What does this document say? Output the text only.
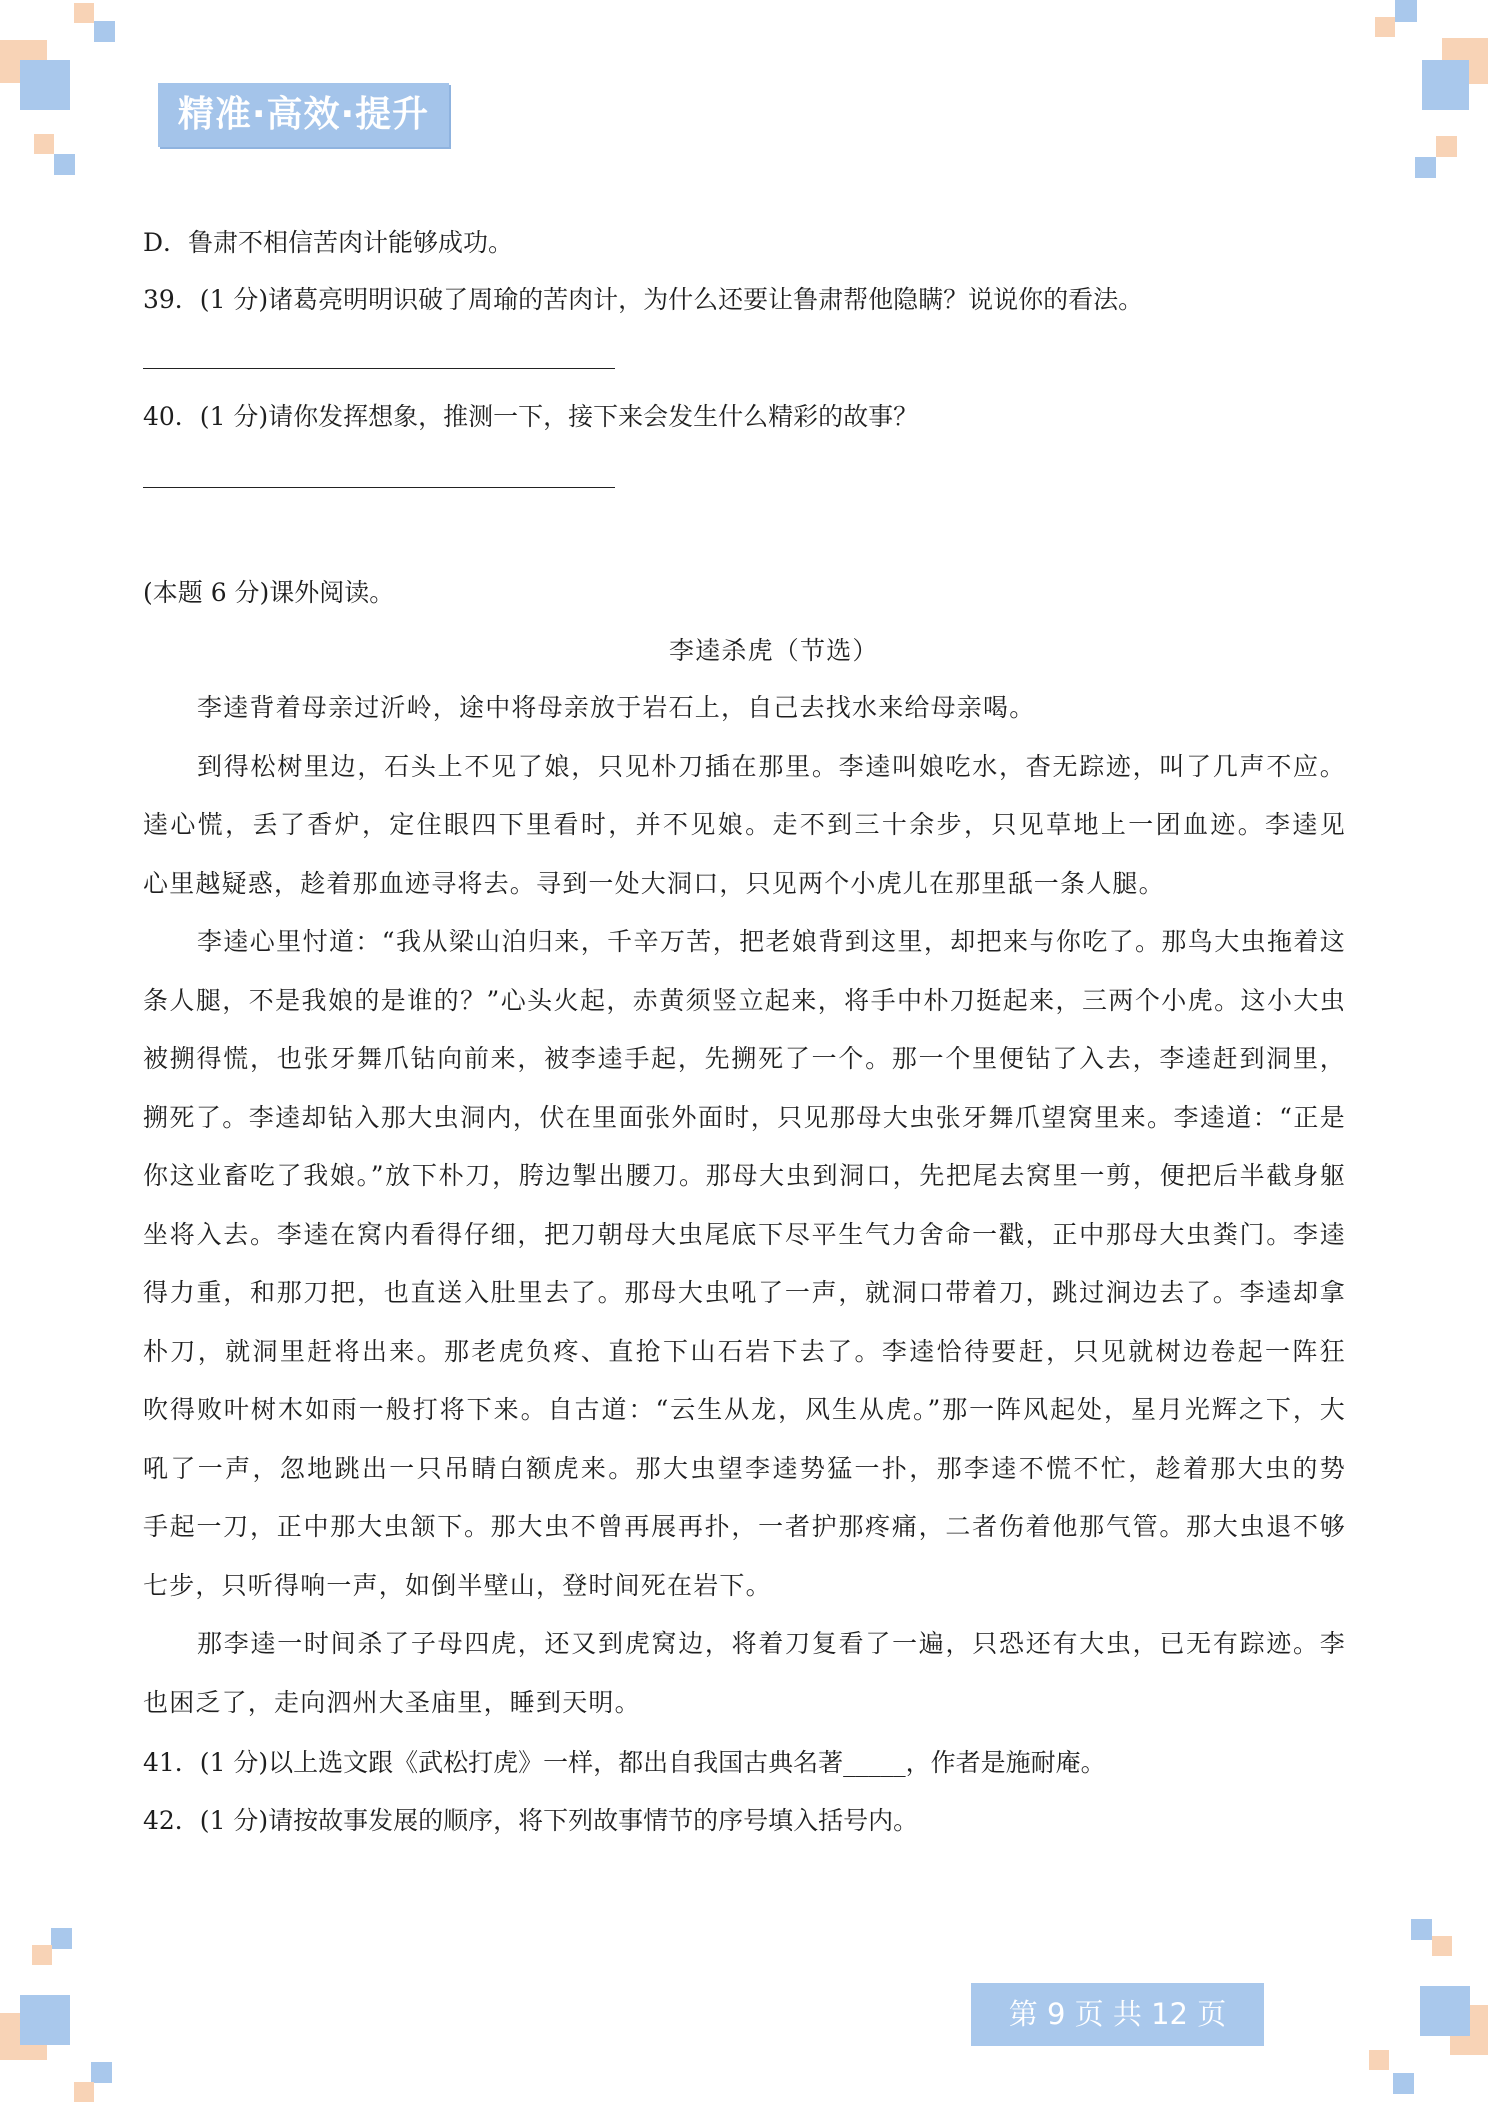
精准·高效·提升
D．鲁肃不相信苦肉计能够成功。
39．(1 分)诸葛亮明明识破了周瑜的苦肉计，为什么还要让鲁肃帮他隐瞒？说说你的看法。
40．(1 分)请你发挥想象，推测一下，接下来会发生什么精彩的故事？
(本题 6 分)课外阅读。
李逵杀虎（节选）
李逵背着母亲过沂岭，途中将母亲放于岩石上，自己去找水来给母亲喝。
到得松树里边，石头上不见了娘，只见朴刀插在那里。李逵叫娘吃水，杳无踪迹，叫了几声不应。
逵心慌，丢了香炉，定住眼四下里看时，并不见娘。走不到三十余步，只见草地上一团血迹。李逵见
心里越疑惑，趁着那血迹寻将去。寻到一处大洞口，只见两个小虎儿在那里舐一条人腿。
李逵心里忖道：“我从梁山泊归来，千辛万苦，把老娘背到这里，却把来与你吃了。那鸟大虫拖着这
条人腿，不是我娘的是谁的？”心头火起，赤黄须竖立起来，将手中朴刀挺起来，三两个小虎。这小大虫
被搠得慌，也张牙舞爪钻向前来，被李逵手起，先搠死了一个。那一个里便钻了入去，李逵赶到洞里，
搠死了。李逵却钻入那大虫洞内，伏在里面张外面时，只见那母大虫张牙舞爪望窝里来。李逵道：“正是
你这业畜吃了我娘。”放下朴刀，胯边掣出腰刀。那母大虫到洞口，先把尾去窝里一剪，便把后半截身躯
坐将入去。李逵在窝内看得仔细，把刀朝母大虫尾底下尽平生气力舍命一戳，正中那母大虫粪门。李逵
得力重，和那刀把，也直送入肚里去了。那母大虫吼了一声，就洞口带着刀，跳过涧边去了。李逵却拿
朴刀，就洞里赶将出来。那老虎负疼、直抢下山石岩下去了。李逵恰待要赶，只见就树边卷起一阵狂
吹得败叶树木如雨一般打将下来。自古道：“云生从龙，风生从虎。”那一阵风起处，星月光辉之下，大
吼了一声，忽地跳出一只吊睛白额虎来。那大虫望李逵势猛一扑，那李逵不慌不忙，趁着那大虫的势
手起一刀，正中那大虫颔下。那大虫不曾再展再扑，一者护那疼痛，二者伤着他那气管。那大虫退不够
七步，只听得响一声，如倒半壁山，登时间死在岩下。
那李逵一时间杀了子母四虎，还又到虎窝边，将着刀复看了一遍，只恐还有大虫，已无有踪迹。李
也困乏了，走向泗州大圣庙里，睡到天明。
41．(1 分)以上选文跟《武松打虎》一样，都出自我国古典名著_____，作者是施耐庵。
42．(1 分)请按故事发展的顺序，将下列故事情节的序号填入括号内。
第 9 页 共 12 页
